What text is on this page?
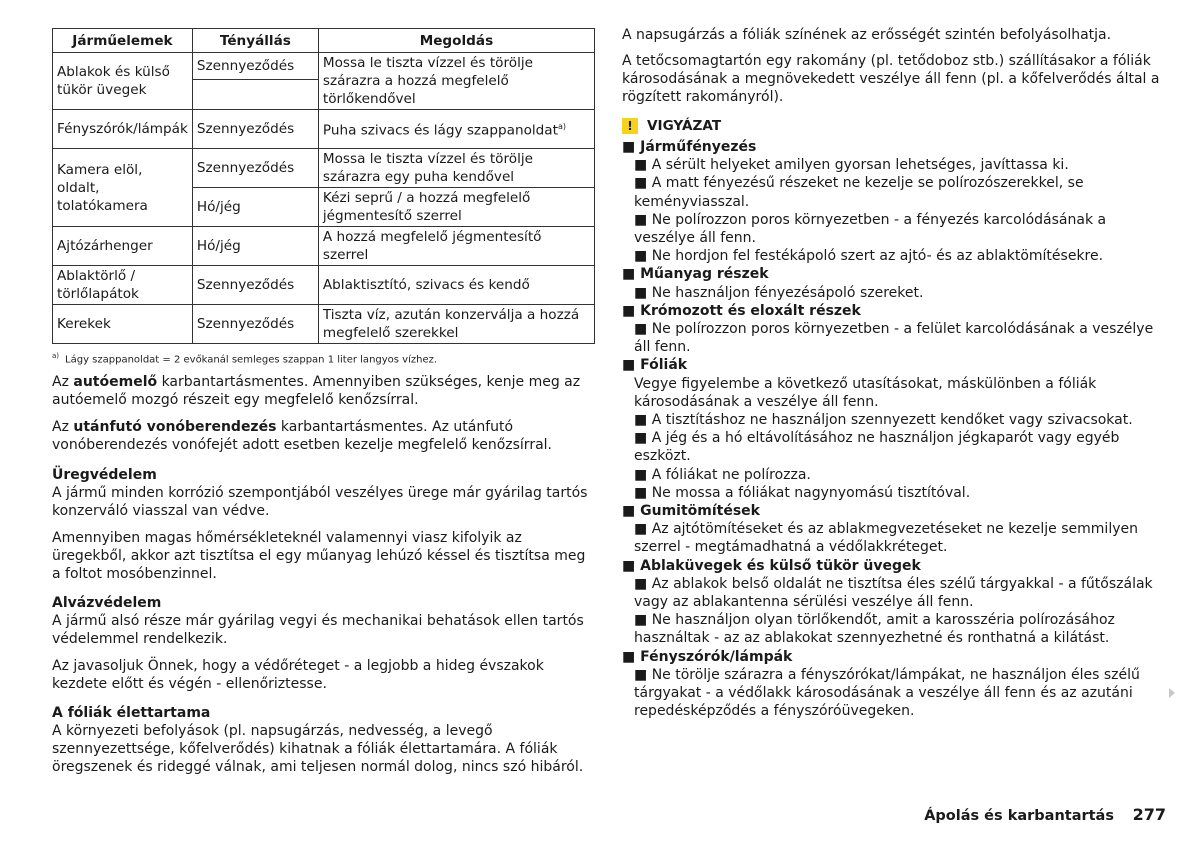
Járműelemek	Tényállás	Megoldás
Ablakok és külső tükör üvegek	Szennyeződés	Mossa le tiszta vízzel és törölje szárazra a hozzá megfelelő törlőkendővel

Fényszórók/lámpák	Szennyeződés	Puha szivacs és lágy szappanoldat$^{a)}$
Kamera elöl, oldalt, tolatókamera	Szennyeződés	Mossa le tiszta vízzel és törölje szárazra egy puha kendővel
	Hó/jég	Kézi seprű / a hozzá megfelelő jégmentesítő szerrel
Ajtózárhenger	Hó/jég	A hozzá megfelelő jégmentesítő szerrel
Ablaktörlő / törlőlapátok	Szennyeződés	Ablaktisztító, szivacs és kendő
Kerekek	Szennyeződés	Tiszta víz, azután konzerválja a hozzá megfelelő szerekkel
$^{a)}$ Lágy szappanoldat = 2 evőkanál semleges szappan 1 liter langyos vízhez.

Az autóemelő karbantartásmentes. Amennyiben szükséges, kenje meg az autóemelő mozgó részeit egy megfelelő kenőzsírral.

Az utánfutó vonóberendezés karbantartásmentes. Az utánfutó vonóberendezés vonófejét adott esetben kezelje megfelelő kenőzsírral.

Üregvédelem

A jármű minden korrózió szempontjából veszélyes üregе már gyárilag tartós konzerváló viasszal van védve.

Amennyiben magas hőmérsékleteknél valamennyi viasz kifolyik az üregekből, akkor azt tisztítsa el egy műanyag lehúzó késsel és tisztítsa meg a foltot mosóbenzinnel.

Alvázvédelem

A jármű alsó része már gyárilag vegyi és mechanikai behatások ellen tartós védelemmel rendelkezik.

Az javasoljuk Önnek, hogy a védőréteget - a legjobb a hideg évszakok kezdete előtt és végén - ellenőriztesse.

A fóliák élettartama

A környezeti befolyások (pl. napsugárzás, nedvesség, a levegő szennyezettsége, kőfelverődés) kihatnak a fóliák élettartamára. A fóliák öregszenek és rideggé válnak, ami teljesen normál dolog, nincs szó hibáról.

A napsugárzás a fóliák színének az erősségét szintén befolyásolhatja.

A tetőcsomagtartón egy rakomány (pl. tetődoboz stb.) szállításakor a fóliák károsodásának a megnövekedett veszélye áll fenn (pl. a kőfelverődés által a rögzített rakományról).

!	VIGYÁZAT
■ Járműfényezés
■ A sérült helyeket amilyen gyorsan lehetséges, javíttassa ki.
■ A matt fényezésű részeket ne kezelje se polírozószerekkel, se keményviasszal.
■ Ne polírozzon poros környezetben - a fényezés karcolódásának a veszélye áll fenn.
■ Ne hordjon fel festékápoló szert az ajtó- és az ablaktömítésekre.
■ Műanyag részek
■ Ne használjon fényezésápoló szereket.
■ Krómozott és eloxált részek
■ Ne polírozzon poros környezetben - a felület karcolódásának a veszélye áll fenn.
■ Fóliák
Vegye figyelembe a következő utasításokat, máskülönben a fóliák károsodásának a veszélye áll fenn.
■ A tisztításhoz ne használjon szennyezett kendőket vagy szivacsokat.
■ A jég és a hó eltávolításához ne használjon jégkaparót vagy egyéb eszközt.
■ A fóliákat ne polírozza.
■ Ne mossa a fóliákat nagynyomású tisztítóval.
■ Gumitömítések
■ Az ajtótömítéseket és az ablakmegvezetéseket ne kezelje semmilyen szerrel - megtámadhatná a védőlakkréteget.
■ Ablaküvegek és külső tükör üvegek
■ Az ablakok belső oldalát ne tisztítsa éles szélű tárgyakkal - a fűtőszálak vagy az ablakantenna sérülési veszélye áll fenn.
■ Ne használjon olyan törlőkendőt, amit a karosszéria polírozásához használtak - az az ablakokat szennyezhetné és ronthatná a kilátást.
■ Fényszórók/lámpák
■ Ne törölje szárazra a fényszórókat/lámpákat, ne használjon éles szélű tárgyakat - a védőlakk károsodásának a veszélye áll fenn és az azutáni repedésképződés a fényszóróüvegeken.
Ápolás és karbantartás 277
